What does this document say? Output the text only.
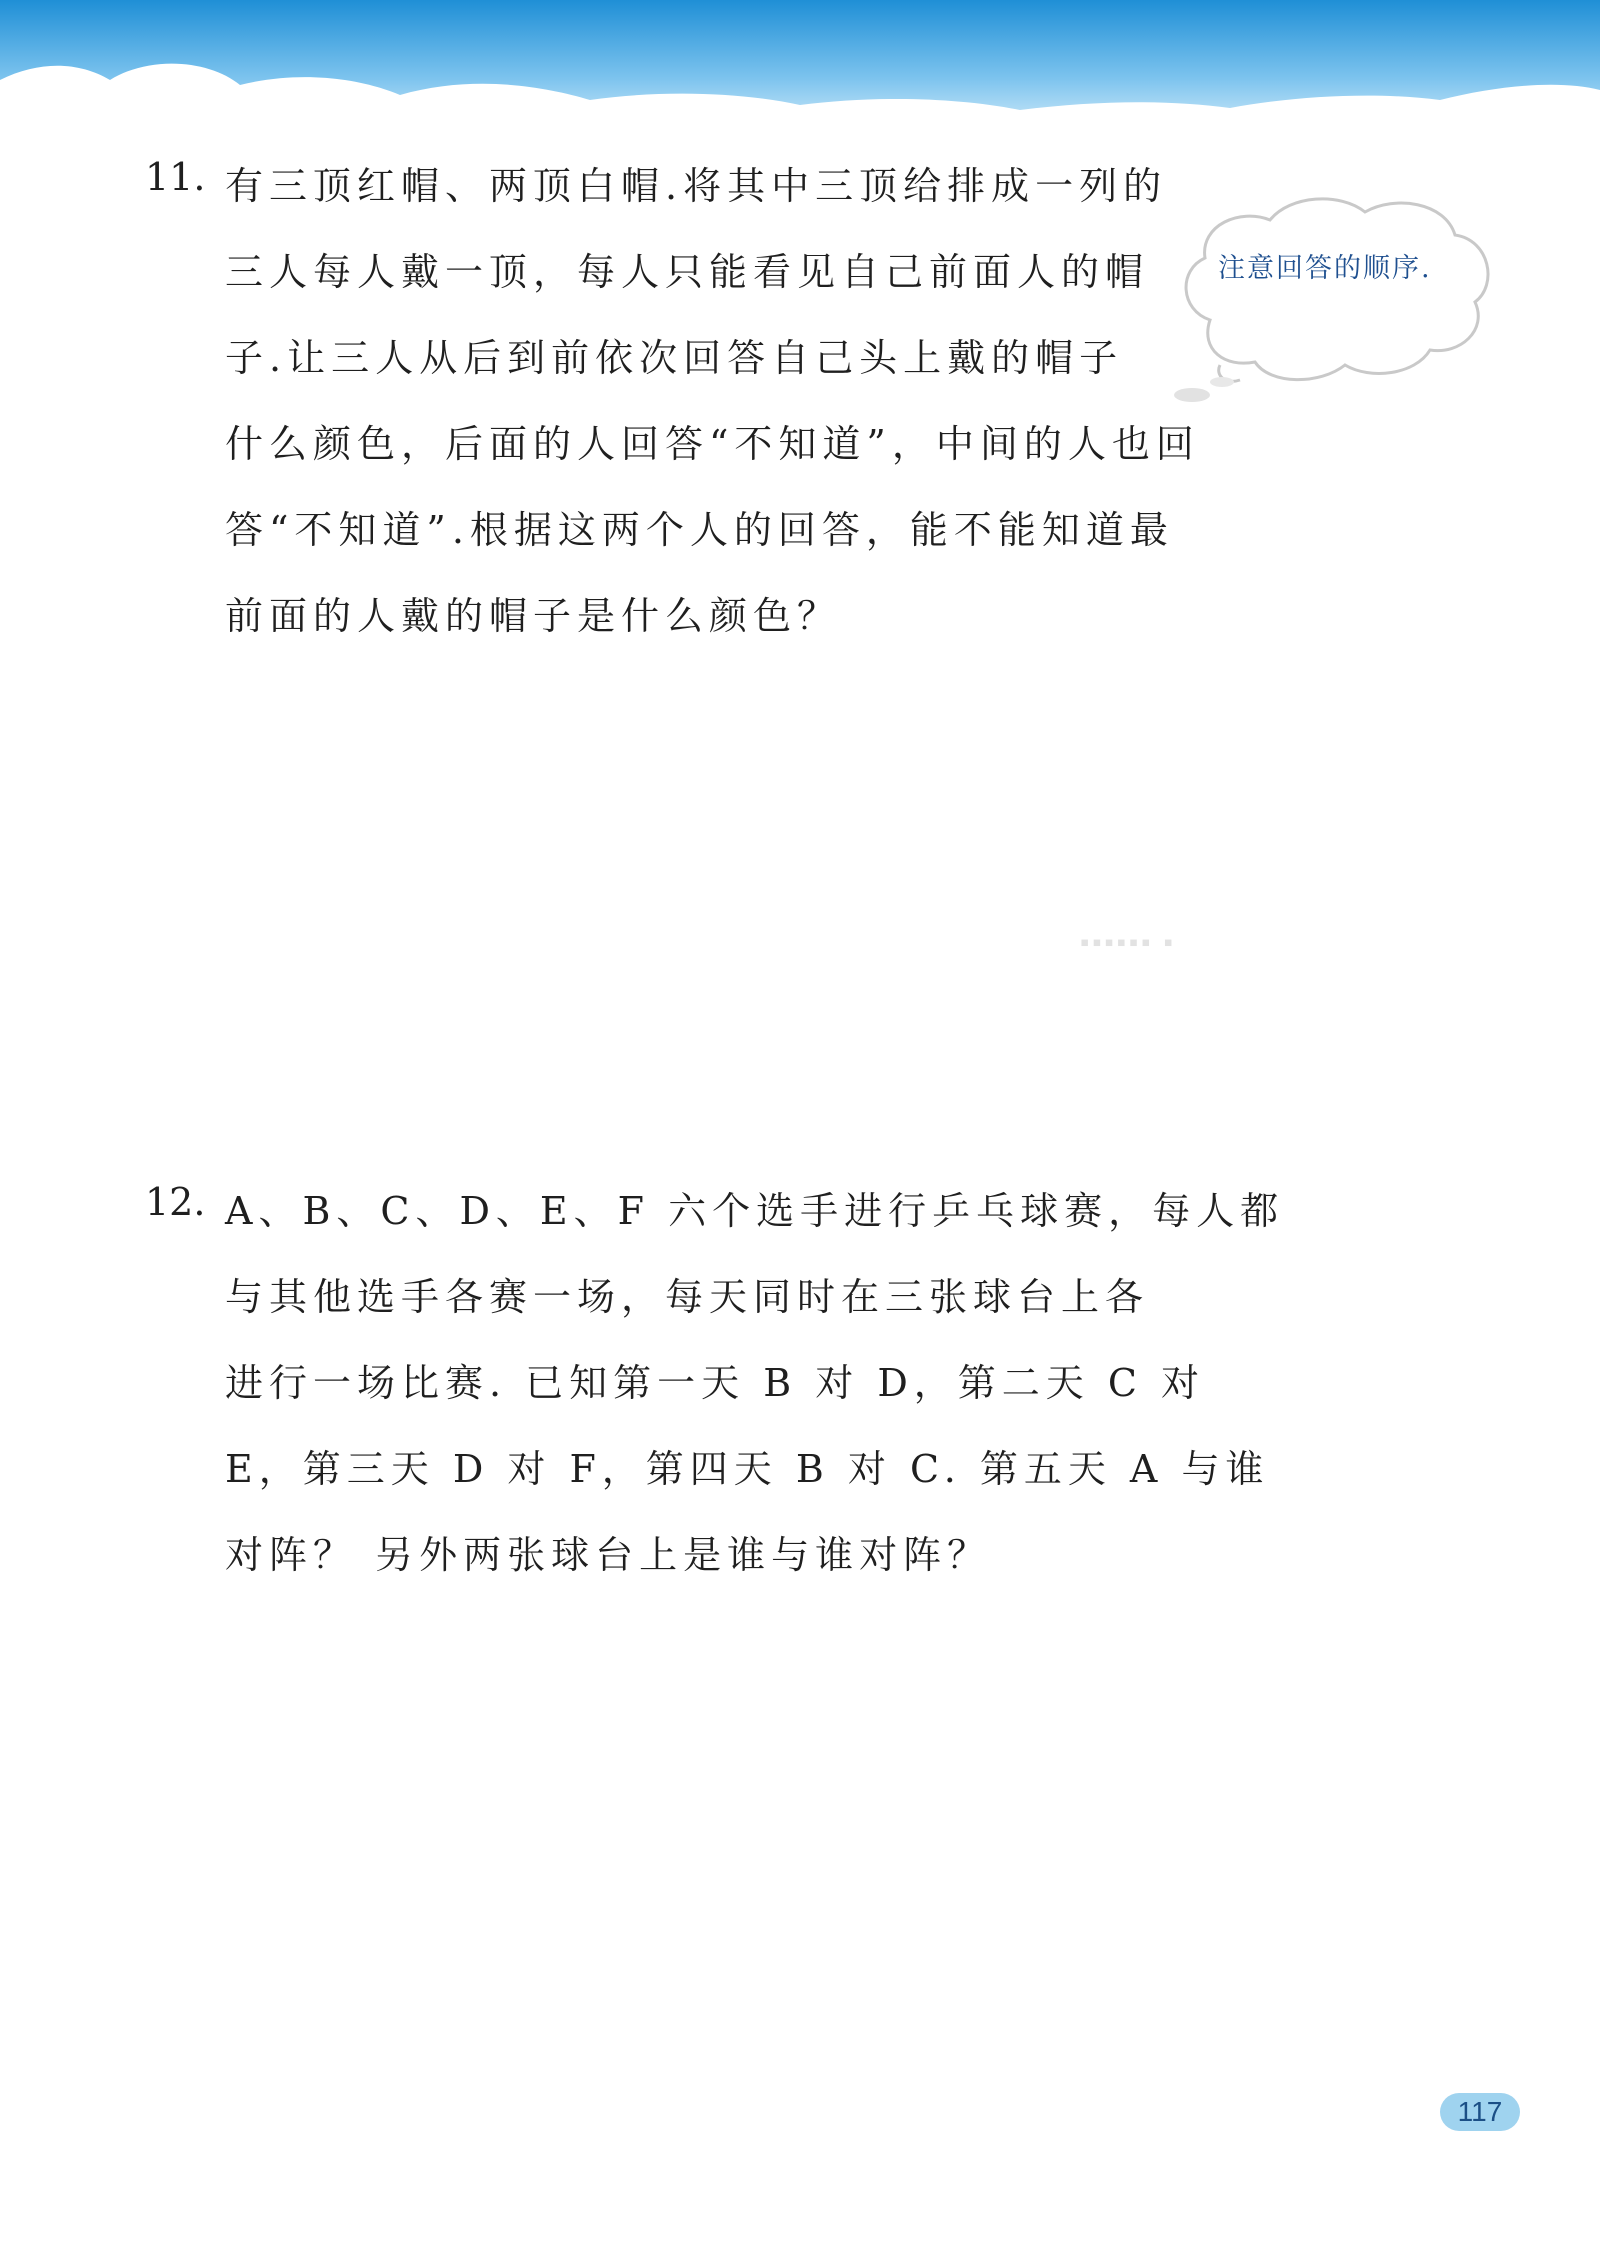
11. 有三顶红帽、两顶白帽.将其中三顶给排成一列的
三人每人戴一顶，每人只能看见自己前面人的帽
子.让三人从后到前依次回答自己头上戴的帽子
什么颜色，后面的人回答“不知道”，中间的人也回
答“不知道”.根据这两个人的回答，能不能知道最
前面的人戴的帽子是什么颜色？
注意回答的顺序.
▪▪▪▪▪▪ ▪
12. A、B、C、D、E、F 六个选手进行乒乓球赛，每人都
与其他选手各赛一场，每天同时在三张球台上各
进行一场比赛. 已知第一天 B 对 D，第二天 C 对
E，第三天 D 对 F，第四天 B 对 C. 第五天 A 与谁
对阵？ 另外两张球台上是谁与谁对阵？
117
